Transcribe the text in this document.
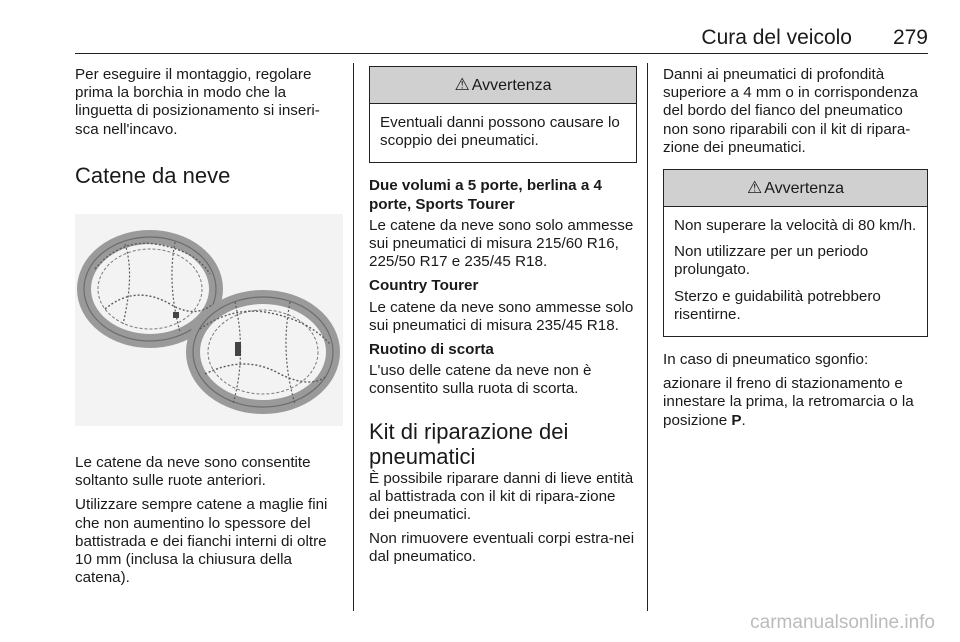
Cura del veicolo	279

Per eseguire il montaggio, regolare prima la borchia in modo che la linguetta di posizionamento si inseri-sca nell'incavo.

Catene da neve

Le catene da neve sono consentite soltanto sulle ruote anteriori.

Utilizzare sempre catene a maglie fini che non aumentino lo spessore del battistrada e dei fianchi interni di oltre 10 mm (inclusa la chiusura della catena).

⚠ Avvertenza

Eventuali danni possono causare lo scoppio dei pneumatici.

Due volumi a 5 porte, berlina a 4 porte, Sports Tourer

Le catene da neve sono solo ammesse sui pneumatici di misura 215/60 R16, 225/50 R17 e 235/45 R18.

Country Tourer

Le catene da neve sono ammesse solo sui pneumatici di misura 235/45 R18.

Ruotino di scorta

L'uso delle catene da neve non è consentito sulla ruota di scorta.

Kit di riparazione dei pneumatici

È possibile riparare danni di lieve entità al battistrada con il kit di ripara-zione dei pneumatici.

Non rimuovere eventuali corpi estra-nei dal pneumatico.

Danni ai pneumatici di profondità superiore a 4 mm o in corrispondenza del bordo del fianco del pneumatico non sono riparabili con il kit di ripara-zione dei pneumatici.

⚠ Avvertenza

Non superare la velocità di 80 km/h.

Non utilizzare per un periodo prolungato.

Sterzo e guidabilità potrebbero risentirne.

In caso di pneumatico sgonfio:

azionare il freno di stazionamento e innestare la prima, la retromarcia o la posizione P.

carmanualsonline.info
